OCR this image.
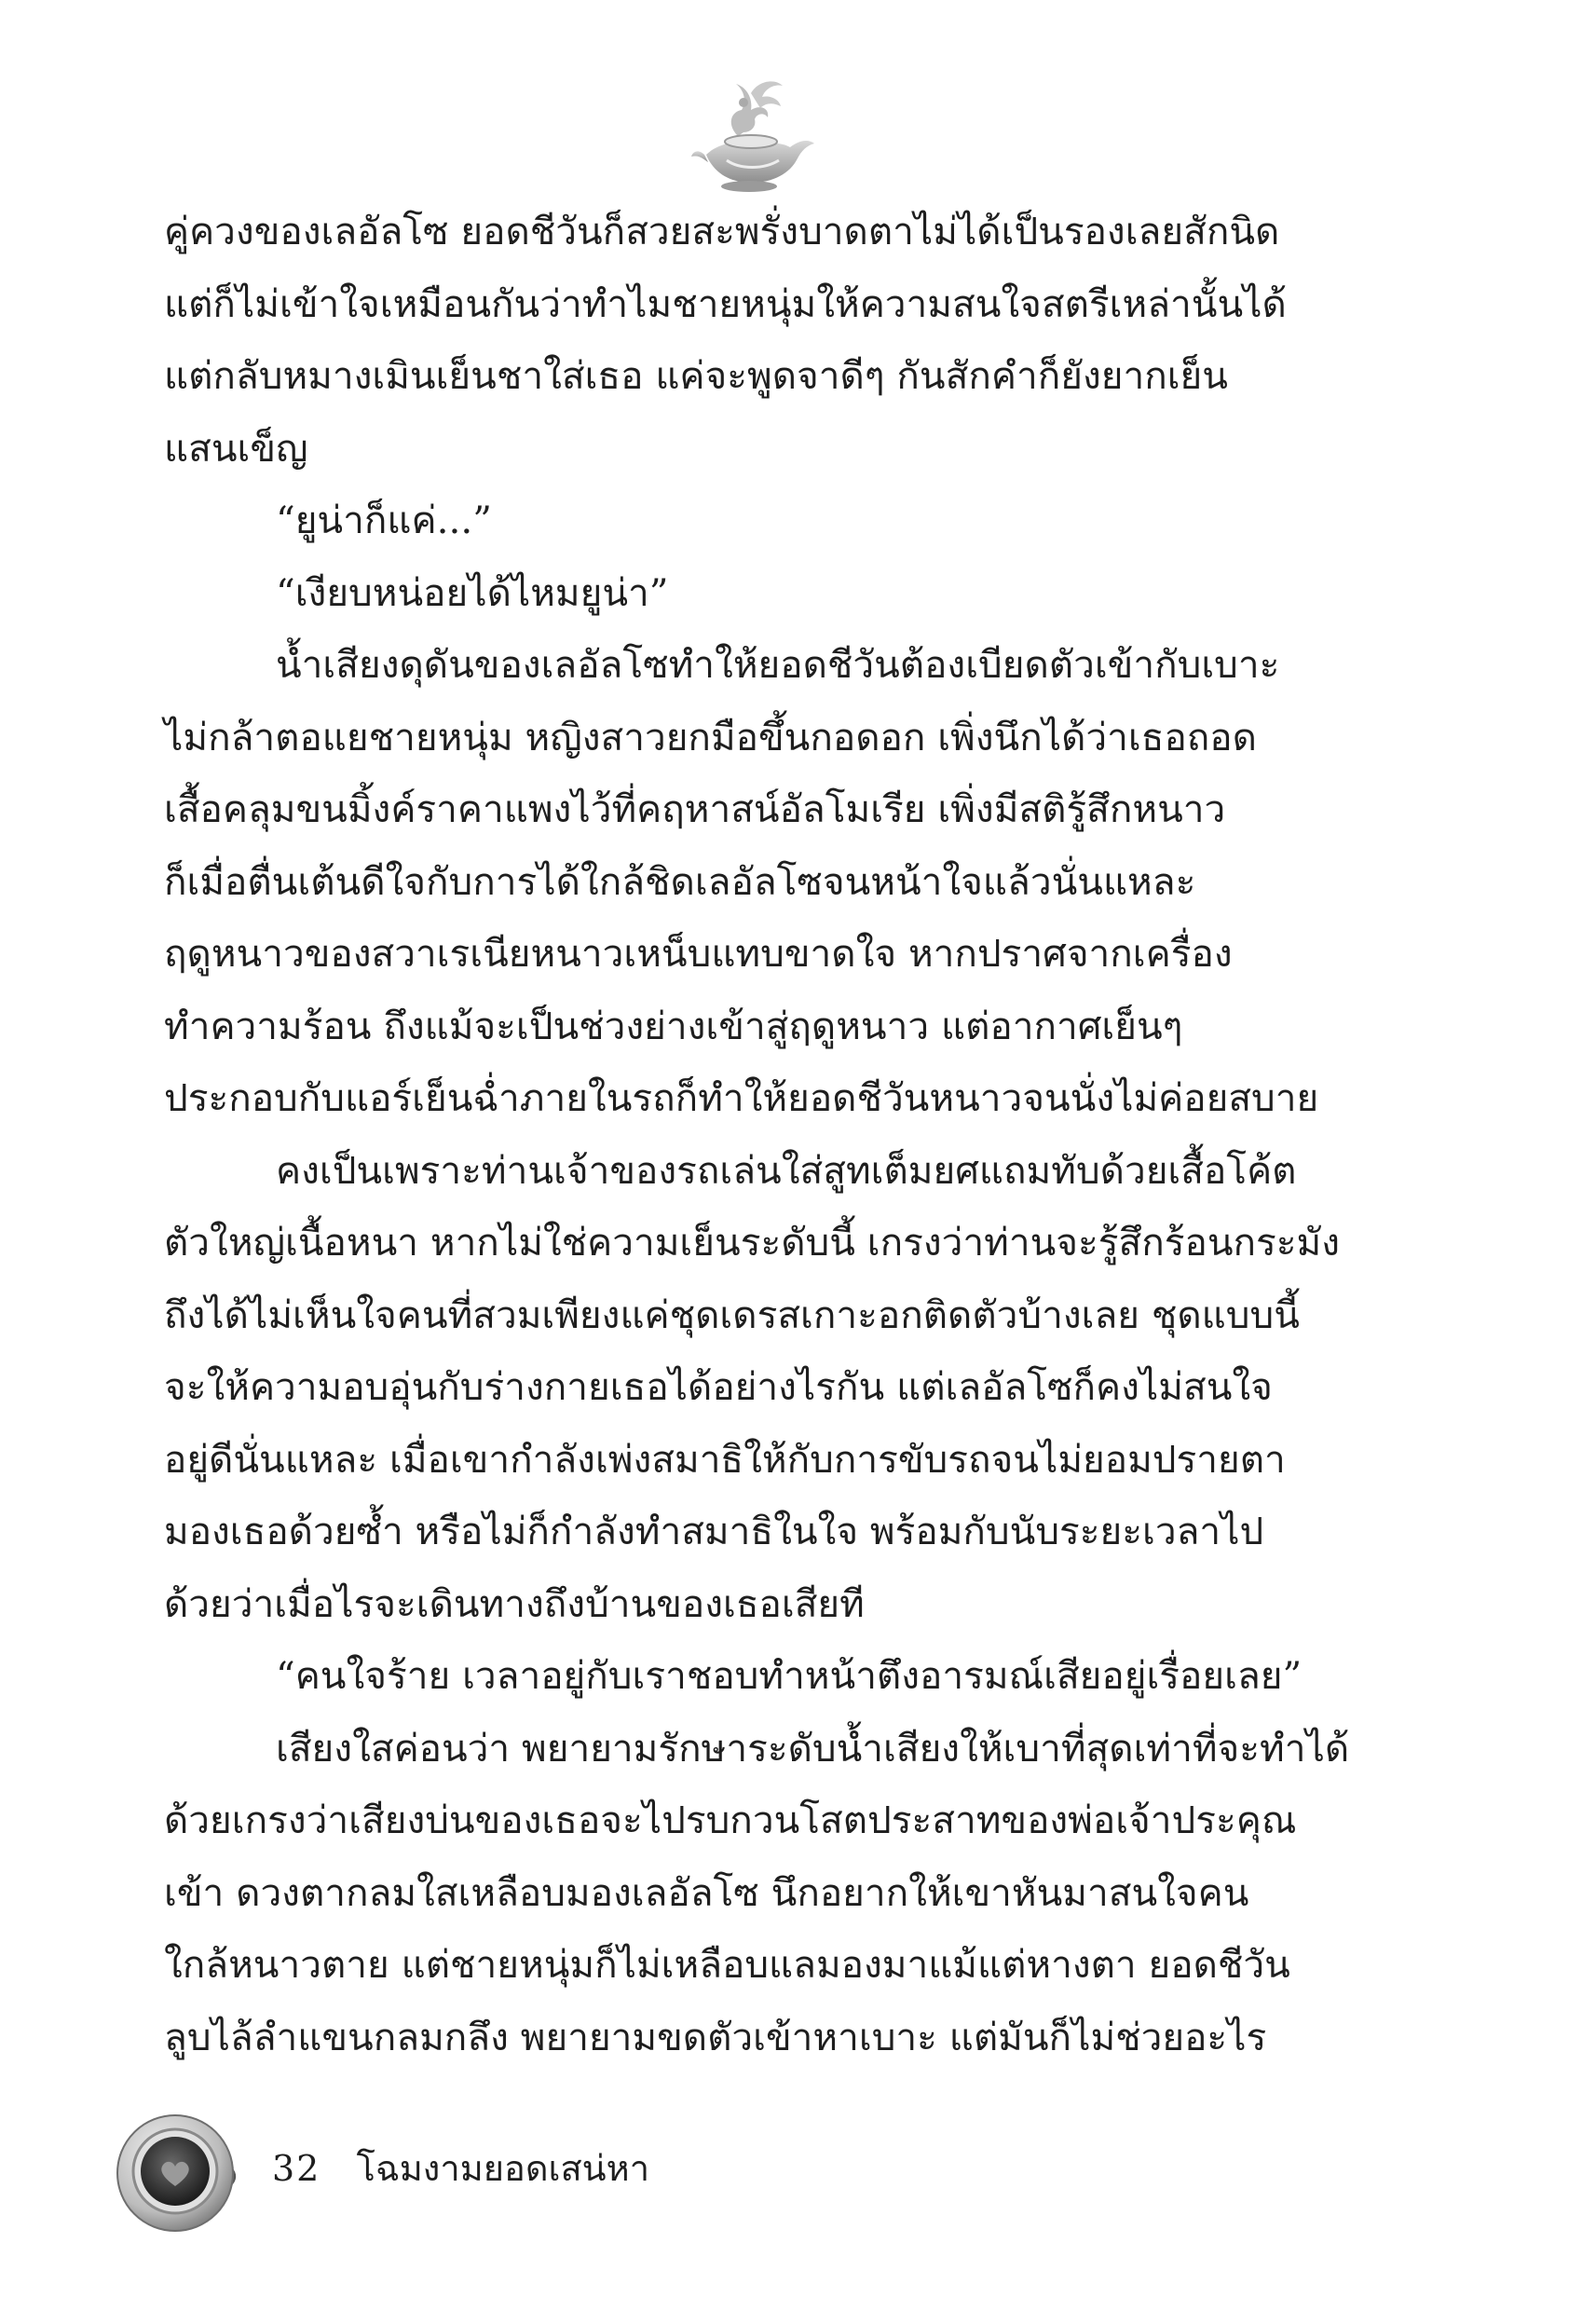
คู่ควงของเลอัลโซ ยอดชีวันก็สวยสะพรั่งบาดตาไม่ได้เป็นรองเลยสักนิด
แต่ก็ไม่เข้าใจเหมือนกันว่าทำไมชายหนุ่มให้ความสนใจสตรีเหล่านั้นได้
แต่กลับหมางเมินเย็นชาใส่เธอ แค่จะพูดจาดีๆ กันสักคำก็ยังยากเย็น
แสนเข็ญ
“ยูน่าก็แค่...”
“เงียบหน่อยได้ไหมยูน่า”
น้ำเสียงดุดันของเลอัลโซทำให้ยอดชีวันต้องเบียดตัวเข้ากับเบาะ
ไม่กล้าตอแยชายหนุ่ม หญิงสาวยกมือขึ้นกอดอก เพิ่งนึกได้ว่าเธอถอด
เสื้อคลุมขนมิ้งค์ราคาแพงไว้ที่คฤหาสน์อัลโมเรีย เพิ่งมีสติรู้สึกหนาว
ก็เมื่อตื่นเต้นดีใจกับการได้ใกล้ชิดเลอัลโซจนหน้าใจแล้วนั่นแหละ
ฤดูหนาวของสวาเรเนียหนาวเหน็บแทบขาดใจ หากปราศจากเครื่อง
ทำความร้อน ถึงแม้จะเป็นช่วงย่างเข้าสู่ฤดูหนาว แต่อากาศเย็นๆ
ประกอบกับแอร์เย็นฉ่ำภายในรถก็ทำให้ยอดชีวันหนาวจนนั่งไม่ค่อยสบาย
คงเป็นเพราะท่านเจ้าของรถเล่นใส่สูทเต็มยศแถมทับด้วยเสื้อโค้ต
ตัวใหญ่เนื้อหนา หากไม่ใช่ความเย็นระดับนี้ เกรงว่าท่านจะรู้สึกร้อนกระมัง
ถึงได้ไม่เห็นใจคนที่สวมเพียงแค่ชุดเดรสเกาะอกติดตัวบ้างเลย ชุดแบบนี้
จะให้ความอบอุ่นกับร่างกายเธอได้อย่างไรกัน แต่เลอัลโซก็คงไม่สนใจ
อยู่ดีนั่นแหละ เมื่อเขากำลังเพ่งสมาธิให้กับการขับรถจนไม่ยอมปรายตา
มองเธอด้วยซ้ำ หรือไม่ก็กำลังทำสมาธิในใจ พร้อมกับนับระยะเวลาไป
ด้วยว่าเมื่อไรจะเดินทางถึงบ้านของเธอเสียที
“คนใจร้าย เวลาอยู่กับเราชอบทำหน้าตึงอารมณ์เสียอยู่เรื่อยเลย”
เสียงใสค่อนว่า พยายามรักษาระดับน้ำเสียงให้เบาที่สุดเท่าที่จะทำได้
ด้วยเกรงว่าเสียงบ่นของเธอจะไปรบกวนโสตประสาทของพ่อเจ้าประคุณ
เข้า ดวงตากลมใสเหลือบมองเลอัลโซ นึกอยากให้เขาหันมาสนใจคน
ใกล้หนาวตาย แต่ชายหนุ่มก็ไม่เหลือบแลมองมาแม้แต่หางตา ยอดชีวัน
ลูบไล้ลำแขนกลมกลึง พยายามขดตัวเข้าหาเบาะ แต่มันก็ไม่ช่วยอะไร
32 โฉมงามยอดเสน่หา
